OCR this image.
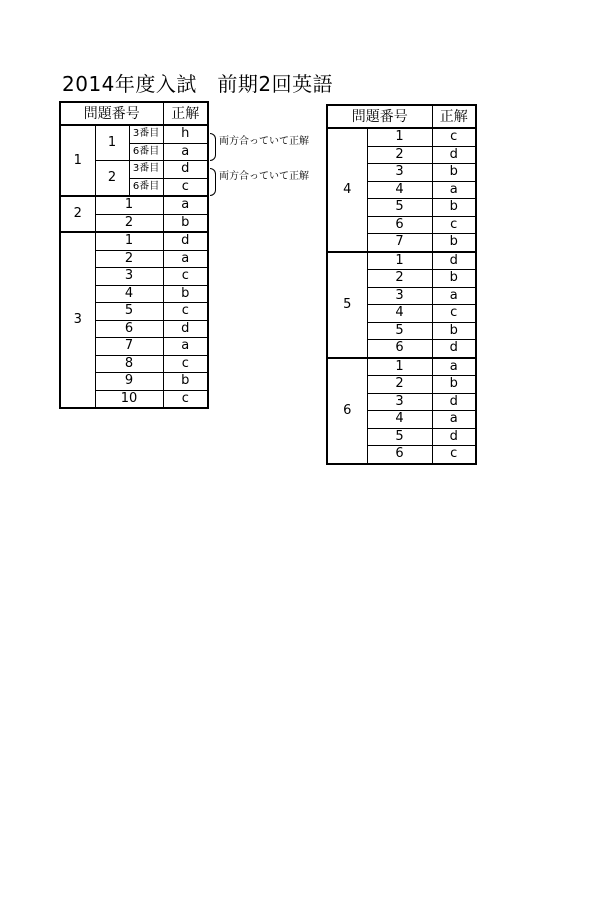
2014年度入試　前期2回英語
問題番号			正解
1	1	3番目	h
		6番目	a
	2	3番目	d
		6番目	c
2	1		a
	2		b
3	1		d
	2		a
	3		c
	4		b
	5		c
	6		d
	7		a
	8		c
	9		b
	10		c
両方合っていて正解
両方合っていて正解
問題番号		正解
4	1	c
	2	d
	3	b
	4	a
	5	b
	6	c
	7	b
5	1	d
	2	b
	3	a
	4	c
	5	b
	6	d
6	1	a
	2	b
	3	d
	4	a
	5	d
	6	c
